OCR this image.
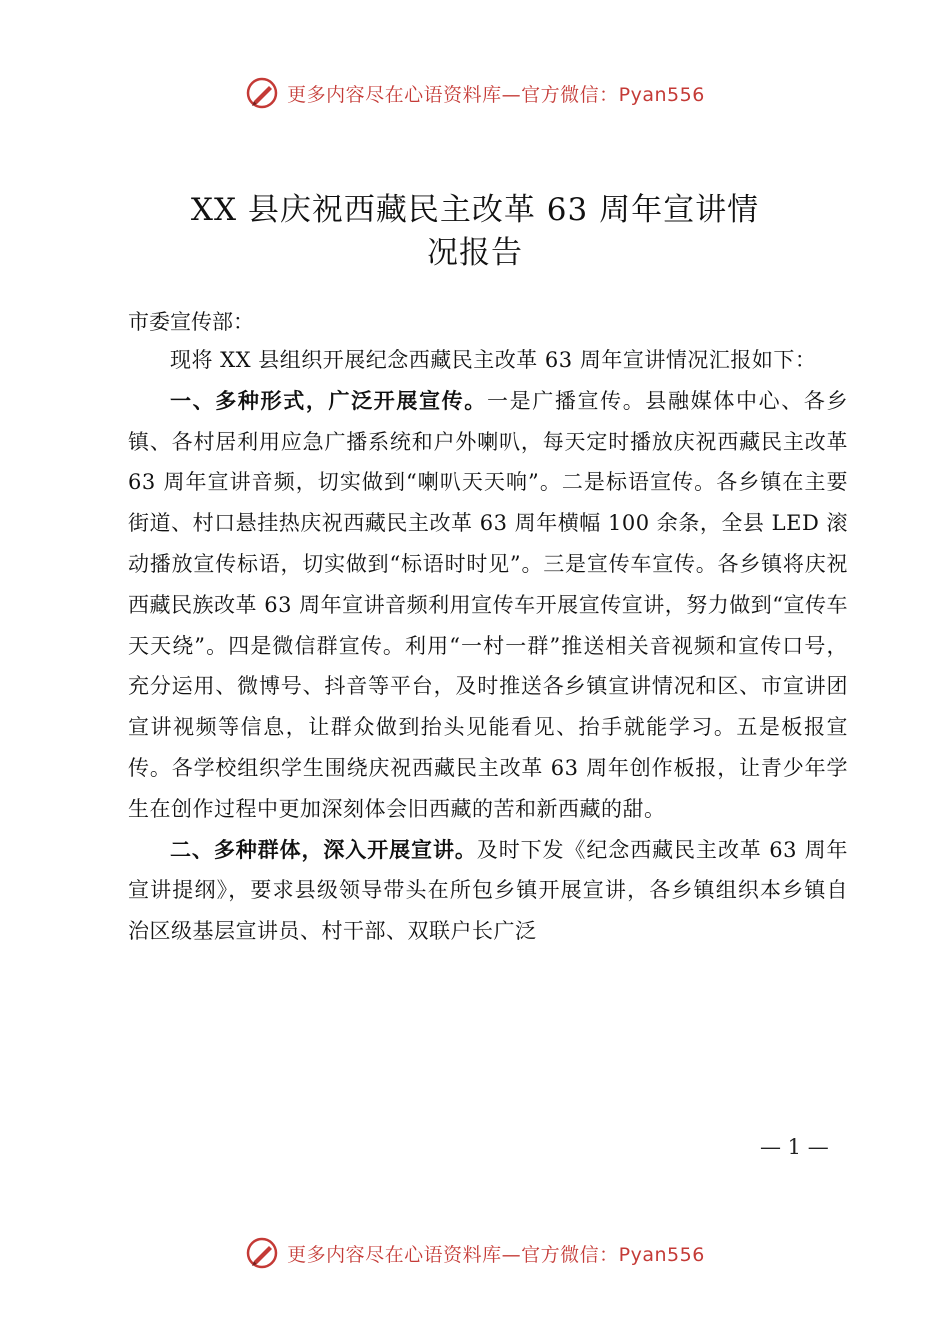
更多内容尽在心语资料库—官方微信：Pyan556
XX 县庆祝西藏民主改革 63 周年宣讲情
况报告
市委宣传部：

现将 XX 县组织开展纪念西藏民主改革 63 周年宣讲情况汇报如下：

一、多种形式，广泛开展宣传。一是广播宣传。县融媒体中心、各乡镇、各村居利用应急广播系统和户外喇叭，每天定时播放庆祝西藏民主改革 63 周年宣讲音频，切实做到“喇叭天天响”。二是标语宣传。各乡镇在主要街道、村口悬挂热庆祝西藏民主改革 63 周年横幅 100 余条，全县 LED 滚动播放宣传标语，切实做到“标语时时见”。三是宣传车宣传。各乡镇将庆祝西藏民族改革 63 周年宣讲音频利用宣传车开展宣传宣讲，努力做到“宣传车天天绕”。四是微信群宣传。利用“一村一群”推送相关音视频和宣传口号，充分运用、微博号、抖音等平台，及时推送各乡镇宣讲情况和区、市宣讲团宣讲视频等信息，让群众做到抬头见能看见、抬手就能学习。五是板报宣传。各学校组织学生围绕庆祝西藏民主改革 63 周年创作板报，让青少年学生在创作过程中更加深刻体会旧西藏的苦和新西藏的甜。

二、多种群体，深入开展宣讲。及时下发《纪念西藏民主改革 63 周年宣讲提纲》，要求县级领导带头在所包乡镇开展宣讲，各乡镇组织本乡镇自治区级基层宣讲员、村干部、双联户长广泛

— 1 —
更多内容尽在心语资料库—官方微信：Pyan556
